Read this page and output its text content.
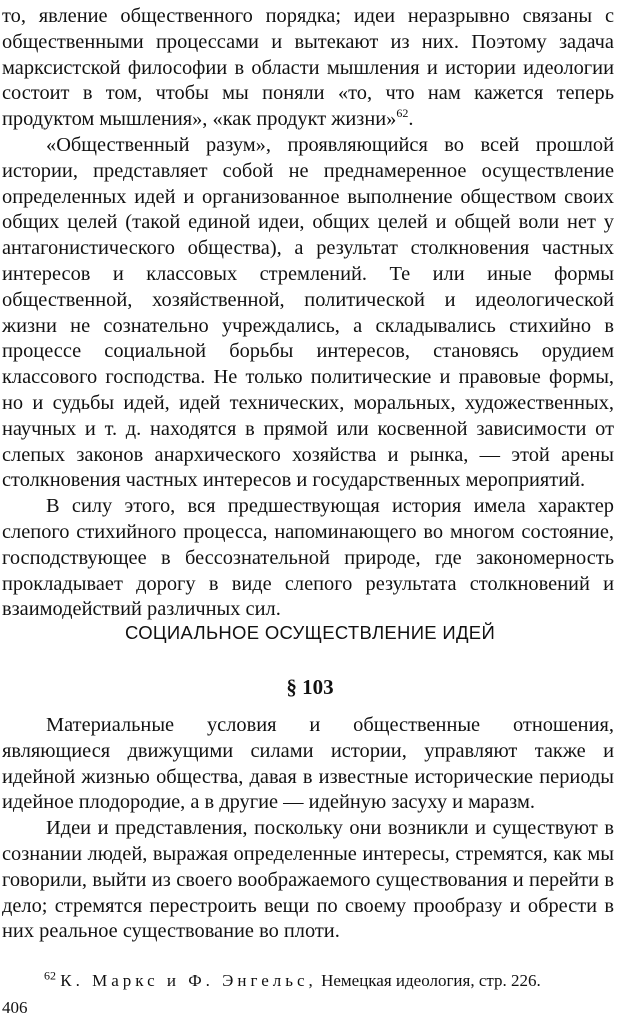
то, явление общественного порядка; идеи неразрывно связаны с общественными процессами и вытекают из них. Поэтому задача марксистской философии в области мышления и истории идеологии состоит в том, чтобы мы поняли «то, что нам кажется теперь продуктом мышления», «как продукт жизни»$^{62}$.

«Общественный разум», проявляющийся во всей прошлой истории, представляет собой не преднамеренное осуществление определенных идей и организованное выполнение обществом своих общих целей (такой единой идеи, общих целей и общей воли нет у антагонистического общества), а результат столкновения частных интересов и классовых стремлений. Те или иные формы общественной, хозяйственной, политической и идеологической жизни не сознательно учреждались, а складывались стихийно в процессе социальной борьбы интересов, становясь орудием классового господства. Не только политические и правовые формы, но и судьбы идей, идей технических, моральных, художественных, научных и т. д. находятся в прямой или косвенной зависимости от слепых законов анархического хозяйства и рынка, — этой арены столкновения частных интересов и государственных мероприятий.

В силу этого, вся предшествующая история имела характер слепого стихийного процесса, напоминающего во многом состояние, господствующее в бессознательной природе, где закономерность прокладывает дорогу в виде слепого результата столкновений и взаимодействий различных сил.

СОЦИАЛЬНОЕ ОСУЩЕСТВЛЕНИЕ ИДЕЙ
§ 103

Материальные условия и общественные отношения, являющиеся движущими силами истории, управляют также и идейной жизнью общества, давая в известные исторические периоды идейное плодородие, а в другие — идейную засуху и маразм.

Идеи и представления, поскольку они возникли и существуют в сознании людей, выражая определенные интересы, стремятся, как мы говорили, выйти из своего воображаемого существования и перейти в дело; стремятся перестроить вещи по своему прообразу и обрести в них реальное существование во плоти.

$^{62}$ К. Маркс и Ф. Энгельс, Немецкая идеология, стр. 226.
406
